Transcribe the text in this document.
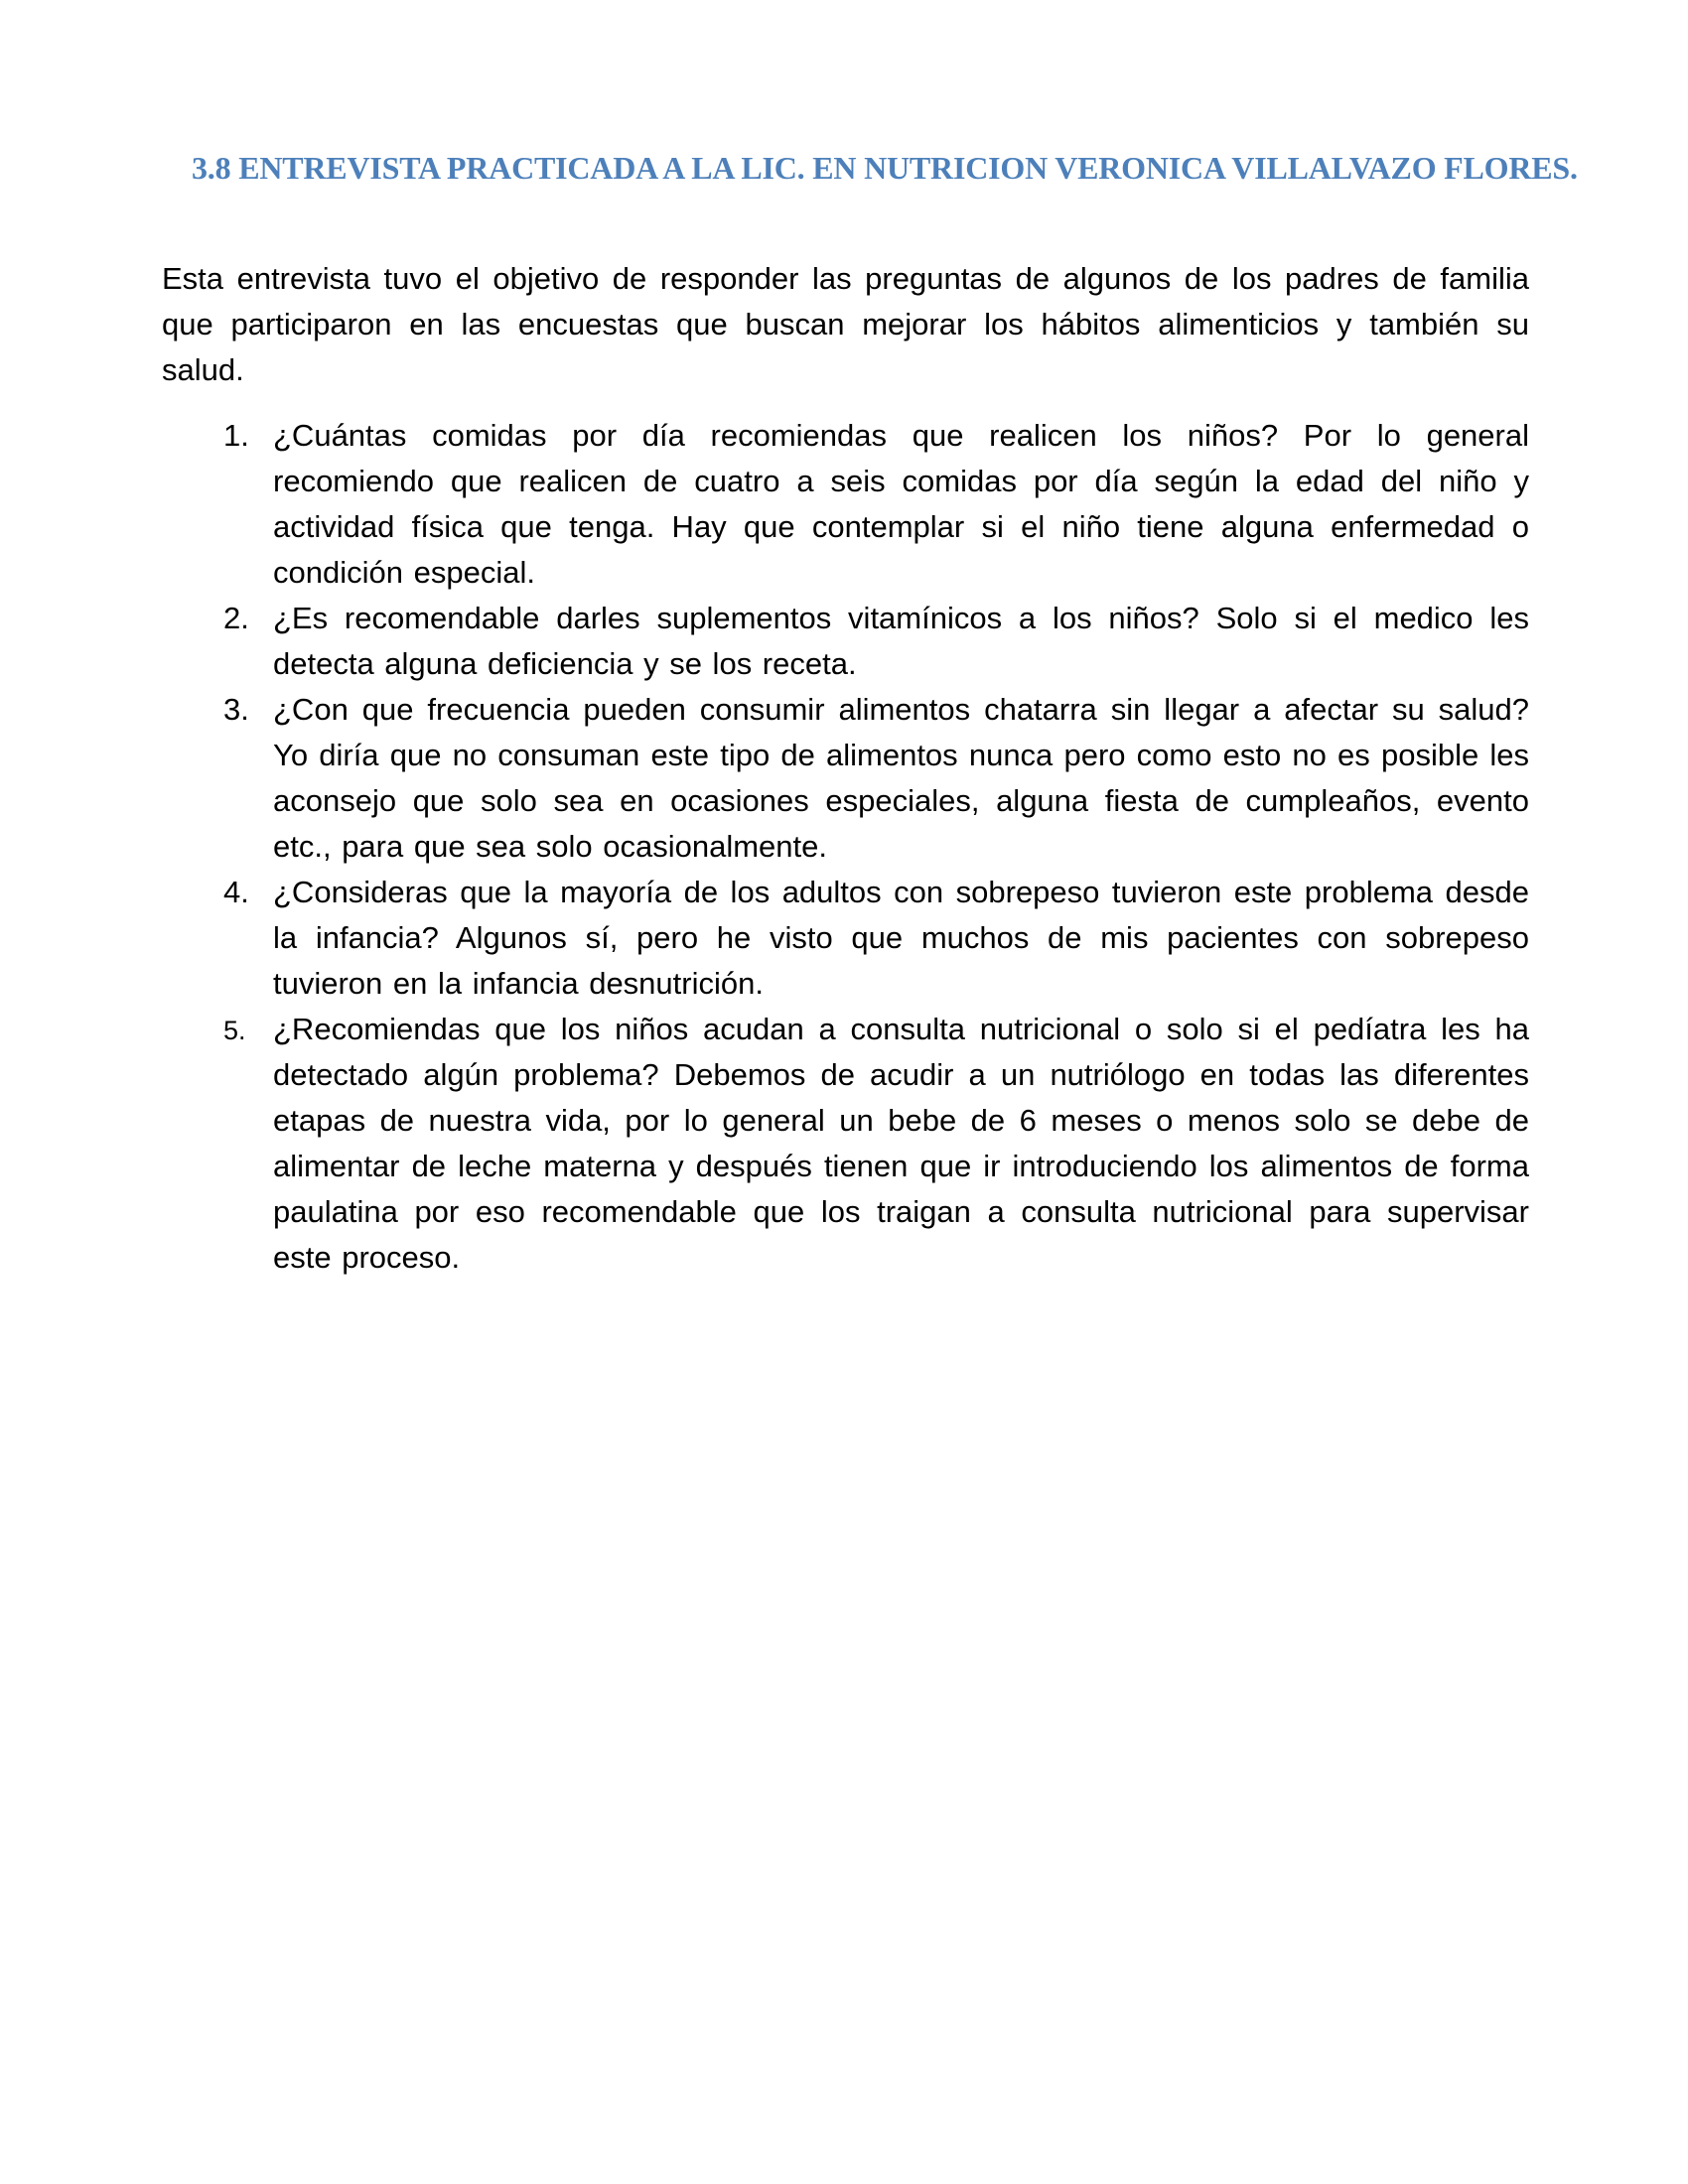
3.8 ENTREVISTA PRACTICADA A LA LIC. EN NUTRICION VERONICA VILLALVAZO FLORES.

Esta entrevista tuvo el objetivo de responder las preguntas de algunos de los padres de familia que participaron en las encuestas que buscan mejorar los hábitos alimenticios y también su salud.

1. ¿Cuántas comidas por día recomiendas que realicen los niños? Por lo general recomiendo que realicen de cuatro a seis comidas por día según la edad del niño y actividad física que tenga. Hay que contemplar si el niño tiene alguna enfermedad o condición especial.
2. ¿Es recomendable darles suplementos vitamínicos a los niños? Solo si el medico les detecta alguna deficiencia y se los receta.
3. ¿Con que frecuencia pueden consumir alimentos chatarra sin llegar a afectar su salud? Yo diría que no consuman este tipo de alimentos nunca pero como esto no es posible les aconsejo que solo sea en ocasiones especiales, alguna fiesta de cumpleaños, evento etc., para que sea solo ocasionalmente.
4. ¿Consideras que la mayoría de los adultos con sobrepeso tuvieron este problema desde la infancia? Algunos sí, pero he visto que muchos de mis pacientes con sobrepeso tuvieron en la infancia desnutrición.
5. ¿Recomiendas que los niños acudan a consulta nutricional o solo si el pedíatra les ha detectado algún problema? Debemos de acudir a un nutriólogo en todas las diferentes etapas de nuestra vida, por lo general un bebe de 6 meses o menos solo se debe de alimentar de leche materna y después tienen que ir introduciendo los alimentos de forma paulatina por eso recomendable que los traigan a consulta nutricional para supervisar este proceso.
